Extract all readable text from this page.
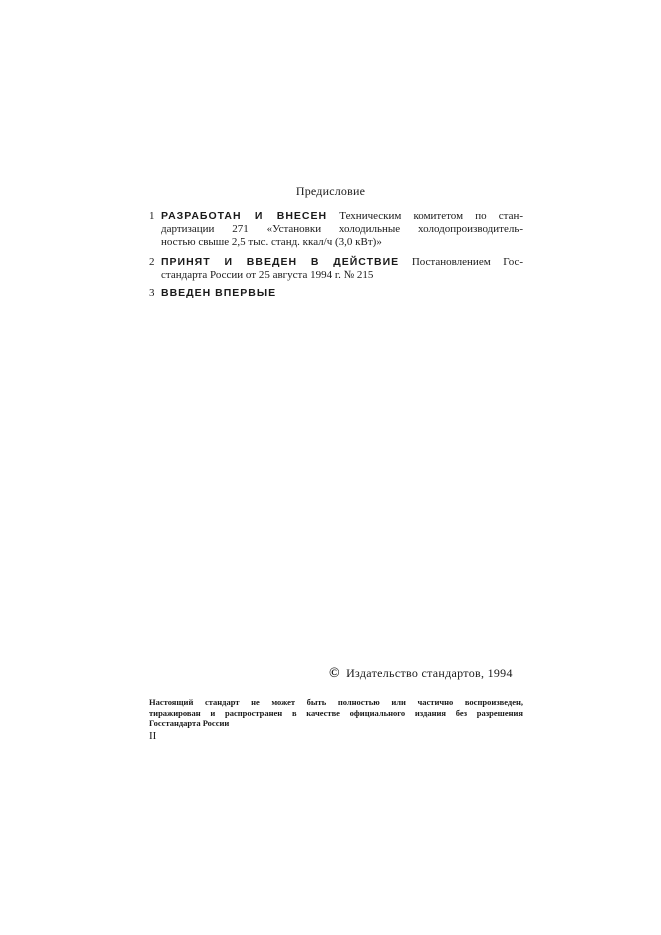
Предисловие
1 РАЗРАБОТАН И ВНЕСЕН Техническим комитетом по стан-
дартизации 271 «Установки холодильные холодопроизводитель-
ностью свыше 2,5 тыс. станд. ккал/ч (3,0 кВт)»
2 ПРИНЯТ И ВВЕДЕН В ДЕЙСТВИЕ Постановлением Гос-
стандарта России от 25 августа 1994 г. № 215
3 ВВЕДЕН ВПЕРВЫЕ
© Издательство стандартов, 1994
Настоящий стандарт не может быть полностью или частично воспроизведен,
тиражирован и распространен в качестве официального издания без разрешения
Госстандарта России
II
